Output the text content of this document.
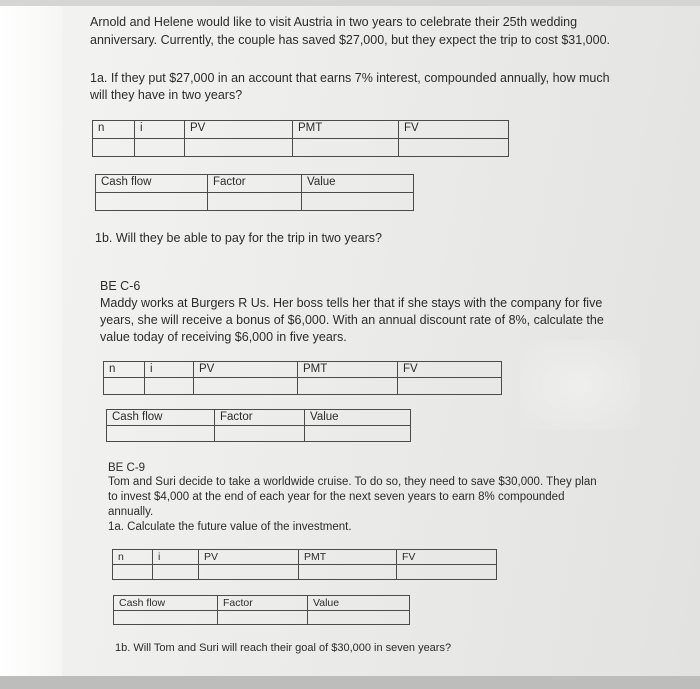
Arnold and Helene would like to visit Austria in two years to celebrate their 25th wedding
anniversary. Currently, the couple has saved $27,000, but they expect the trip to cost $31,000.
1a. If they put $27,000 in an account that earns 7% interest, compounded annually, how much
will they have in two years?
n	i	PV	PMT	FV

Cash flow	Factor	Value

1b. Will they be able to pay for the trip in two years?
BE C-6
Maddy works at Burgers R Us. Her boss tells her that if she stays with the company for five
years, she will receive a bonus of $6,000. With an annual discount rate of 8%, calculate the
value today of receiving $6,000 in five years.
n	i	PV	PMT	FV

Cash flow	Factor	Value

BE C-9
Tom and Suri decide to take a worldwide cruise. To do so, they need to save $30,000. They plan
to invest $4,000 at the end of each year for the next seven years to earn 8% compounded
annually.
1a. Calculate the future value of the investment.
n	i	PV	PMT	FV

Cash flow	Factor	Value

1b. Will Tom and Suri will reach their goal of $30,000 in seven years?
